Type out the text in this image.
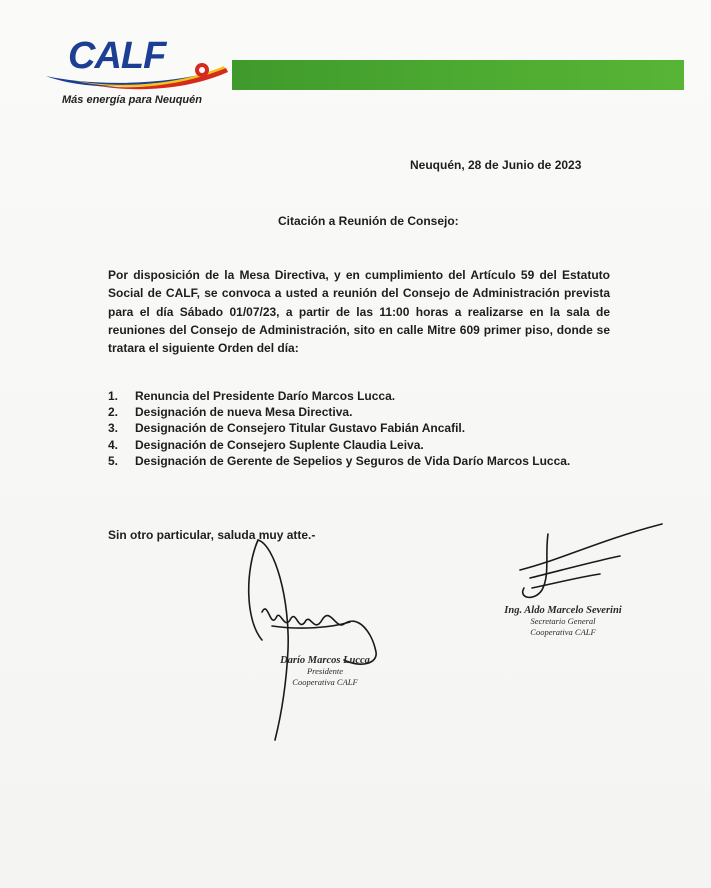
CALF
Más energía para Neuquén
Neuquén, 28 de Junio de 2023
Citación a Reunión de Consejo:
Por disposición de la Mesa Directiva, y en cumplimiento del Artículo 59 del Estatuto Social de CALF, se convoca a usted a reunión del Consejo de Administración prevista para el día Sábado 01/07/23, a partir de las 11:00 horas a realizarse en la sala de reuniones del Consejo de Administración, sito en calle Mitre 609 primer piso, donde se tratara el siguiente Orden del día:
1.	Renuncia del Presidente Darío Marcos Lucca.
2.	Designación de nueva Mesa Directiva.
3.	Designación de Consejero Titular Gustavo Fabián Ancafil.
4.	Designación de Consejero Suplente Claudia Leiva.
5.	Designación de Gerente de Sepelios y Seguros de Vida Darío Marcos Lucca.
Sin otro particular, saluda muy atte.-
Darío Marcos Lucca
Presidente
Cooperativa CALF
Ing. Aldo Marcelo Severini
Secretario General
Cooperativa CALF
